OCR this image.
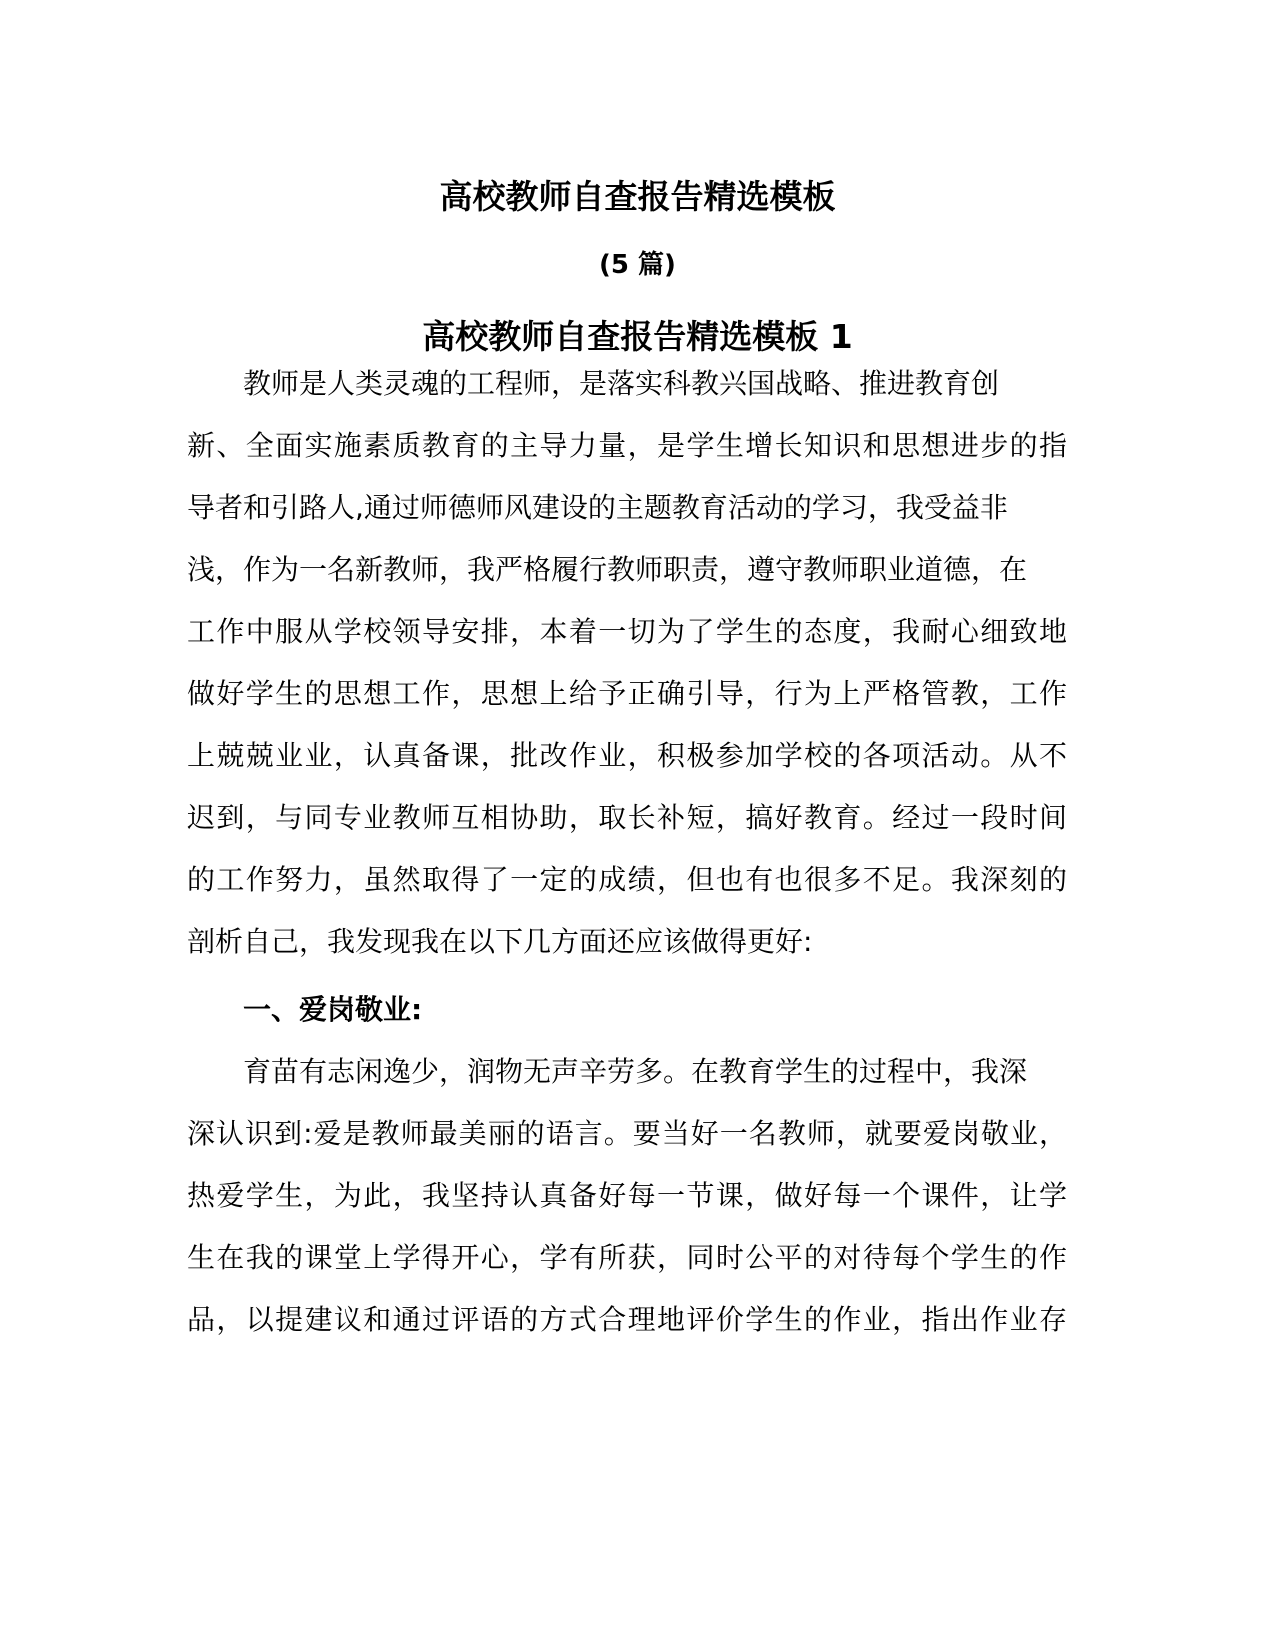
高校教师自查报告精选模板
(5 篇)
高校教师自查报告精选模板 1
教师是人类灵魂的工程师，是落实科教兴国战略、推进教育创
新、全面实施素质教育的主导力量，是学生增长知识和思想进步的指
导者和引路人,通过师德师风建设的主题教育活动的学习，我受益非
浅，作为一名新教师，我严格履行教师职责，遵守教师职业道德，在
工作中服从学校领导安排，本着一切为了学生的态度，我耐心细致地
做好学生的思想工作，思想上给予正确引导，行为上严格管教，工作
上兢兢业业，认真备课，批改作业，积极参加学校的各项活动。从不
迟到，与同专业教师互相协助，取长补短，搞好教育。经过一段时间
的工作努力，虽然取得了一定的成绩，但也有也很多不足。我深刻的
剖析自己，我发现我在以下几方面还应该做得更好:
一、爱岗敬业:
育苗有志闲逸少，润物无声辛劳多。在教育学生的过程中，我深
深认识到:爱是教师最美丽的语言。要当好一名教师，就要爱岗敬业，
热爱学生，为此，我坚持认真备好每一节课，做好每一个课件，让学
生在我的课堂上学得开心，学有所获，同时公平的对待每个学生的作
品，以提建议和通过评语的方式合理地评价学生的作业，指出作业存
